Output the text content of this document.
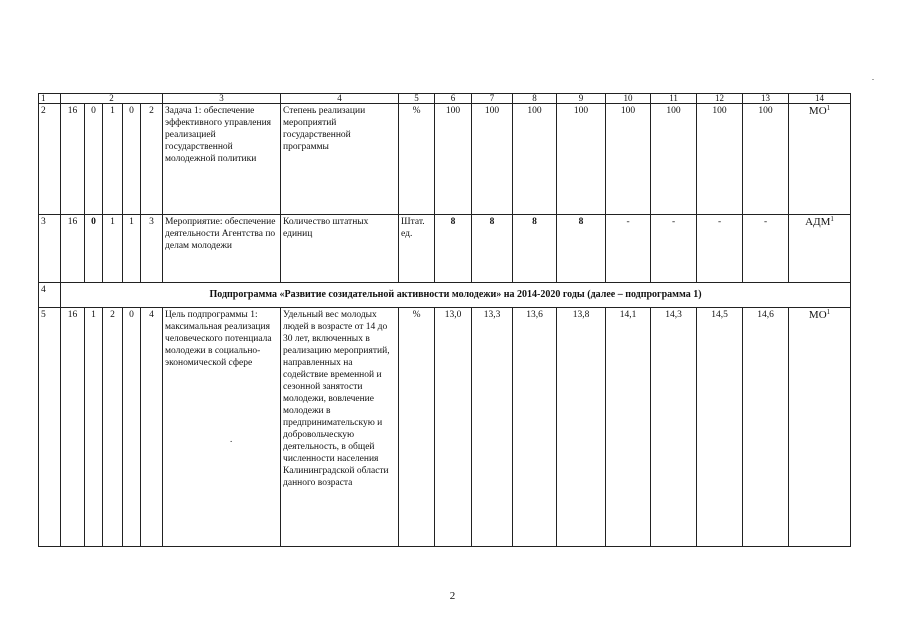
.
1	2					3	4	5	6	7	8	9	10	11	12	13	14
2	16	0	1	0	2	Задача 1: обеспечение эффективного управления реализацией государственной молодежной политики	Степень реализации мероприятий государственной программы	%	100	100	100	100	100	100	100	100	$МО^1$
3	16	0	1	1	3	Мероприятие: обеспечение деятельности Агентства по делам молодежи	Количество штатных единиц	Штат. ед.	8	8	8	8	-	-	-	-	АДМ$^1$
4	Подпрограмма «Развитие созидательной активности молодежи» на 2014-2020 годы (далее – подпрограмма 1)																
5	16	1	2	0	4	Цель подпрограммы 1: максимальная реализация человеческого потенциала молодежи в социально-экономической сфере	Удельный вес молодых людей в возрасте от 14 до 30 лет, включенных в реализацию мероприятий, направленных на содействие временной и сезонной занятости молодежи, вовлечение молодежи в предпринимательскую и добровольческую деятельность, в общей численности населения Калининградской области данного возраста	%	13,0	13,3	13,6	13,8	14,1	14,3	14,5	14,6	$МО^1$
.
2
